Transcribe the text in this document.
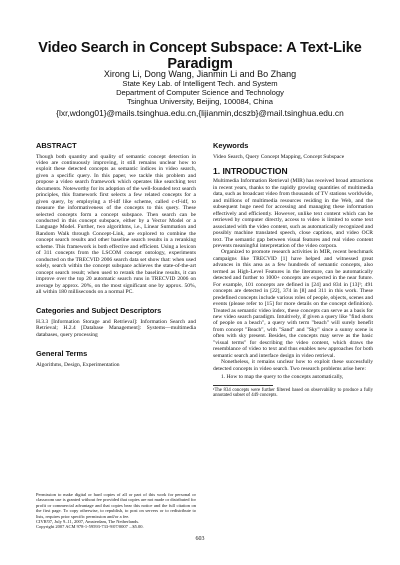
Video Search in Concept Subspace: A Text-Like Paradigm
Xirong Li, Dong Wang, Jianmin Li and Bo Zhang
State Key Lab. of Intelligent Tech. and System
Department of Computer Science and Technology
Tsinghua University, Beijing, 100084, China
{lxr,wdong01}@mails.tsinghua.edu.cn,{lijianmin,dcszb}@mail.tsinghua.edu.cn
ABSTRACT

Though both quantity and quality of semantic concept detection in video are continuously improving, it still remains unclear how to exploit these detected concepts as semantic indices in video search, given a specific query. In this paper, we tackle this problem and propose a video search framework which operates like searching text documents. Noteworthy for its adoption of the well-founded text search principles, this framework first selects a few related concepts for a given query, by employing a tf-idf like scheme, called c-tf-idf, to measure the informativeness of the concepts to this query. These selected concepts form a concept subspace. Then search can be conducted in this concept subspace, either by a Vector Model or a Language Model. Further, two algorithms, i.e., Linear Summation and Random Walk through Concept-Link, are explored to combine the concept search results and other baseline search results in a reranking scheme. This framework is both effective and efficient. Using a lexicon of 311 concepts from the LSCOM concept ontology, experiments conducted on the TRECVID 2006 search data set show that: when used solely, search within the concept subspace achieves the state-of-the-art concept search result; when used to rerank the baseline results, it can improve over the top 20 automatic search runs in TRECVID 2006 on average by approx. 20%, on the most significant one by approx. 50%, all within 180 milliseconds on a normal PC.

Categories and Subject Descriptors

H.3.3 [Information Storage and Retrieval]: Information Search and Retrieval; H.2.4 [Database Management]: Systems—multimedia databases, query processing

General Terms

Algorithms, Design, Experimentation

Permission to make digital or hard copies of all or part of this work for personal or classroom use is granted without fee provided that copies are not made or distributed for profit or commercial advantage and that copies bear this notice and the full citation on the first page. To copy otherwise, to republish, to post on servers or to redistribute to lists, requires prior specific permission and/or a fee.
CIVR'07, July 9–11, 2007, Amsterdam, The Netherlands.
Copyright 2007 ACM 978-1-59593-733-9/07/0007 ...$5.00.
Keywords

Video Search, Query Concept Mapping, Concept Subspace

1. INTRODUCTION

Multimedia Information Retrieval (MIR) has received broad attractions in recent years, thanks to the rapidly growing quantities of multimedia data, such as broadcast video from thousands of TV stations worldwide, and millions of multimedia resources residing in the Web, and the subsequent huge need for accessing and managing these information effectively and efficiently. However, unlike text content which can be retrieved by computer directly, access to video is limited to some text associated with the video content, such as automatically recognized and possibly machine translated speech, close captions, and video OCR text. The semantic gap between visual features and real video content prevents meaningful interpretation of the video corpora.

Organized to promote research activities in MIR, recent benchmark campaigns like TRECVID [1] have helped and witnessed great advances in this area as a few hundreds of semantic concepts, also termed as High-Level Features in the literature, can be automatically detected and further to 1000+ concepts are expected in the near future. For example, 101 concepts are defined in [24] and 834 in [13]¹; 491 concepts are detected in [22], 374 in [8] and 311 in this work. These predefined concepts include various roles of people, objects, scenes and events (please refer to [15] for more details on the concept definition). Treated as semantic video index, these concepts can serve as a basis for new video search paradigm. Intuitively, if given a query like "find shots of people on a beach", a query with term "beach" will surely benefit from concept "Beach", with "Sand" and "Sky" since a sunny scene is often with sky present. Besides, the concepts may serve as the basic "visual terms" for describing the video content, which draws the resemblance of video to text and thus enables new approaches for both semantic search and interface design in video retrieval.

Nonetheless, it remains unclear how to exploit these successfully detected concepts in video search. Two research problems arise here:

1. How to map the query to the concepts automatically,
¹The 834 concepts were further filtered based on observability to produce a fully annotated subset of 449 concepts.
603
